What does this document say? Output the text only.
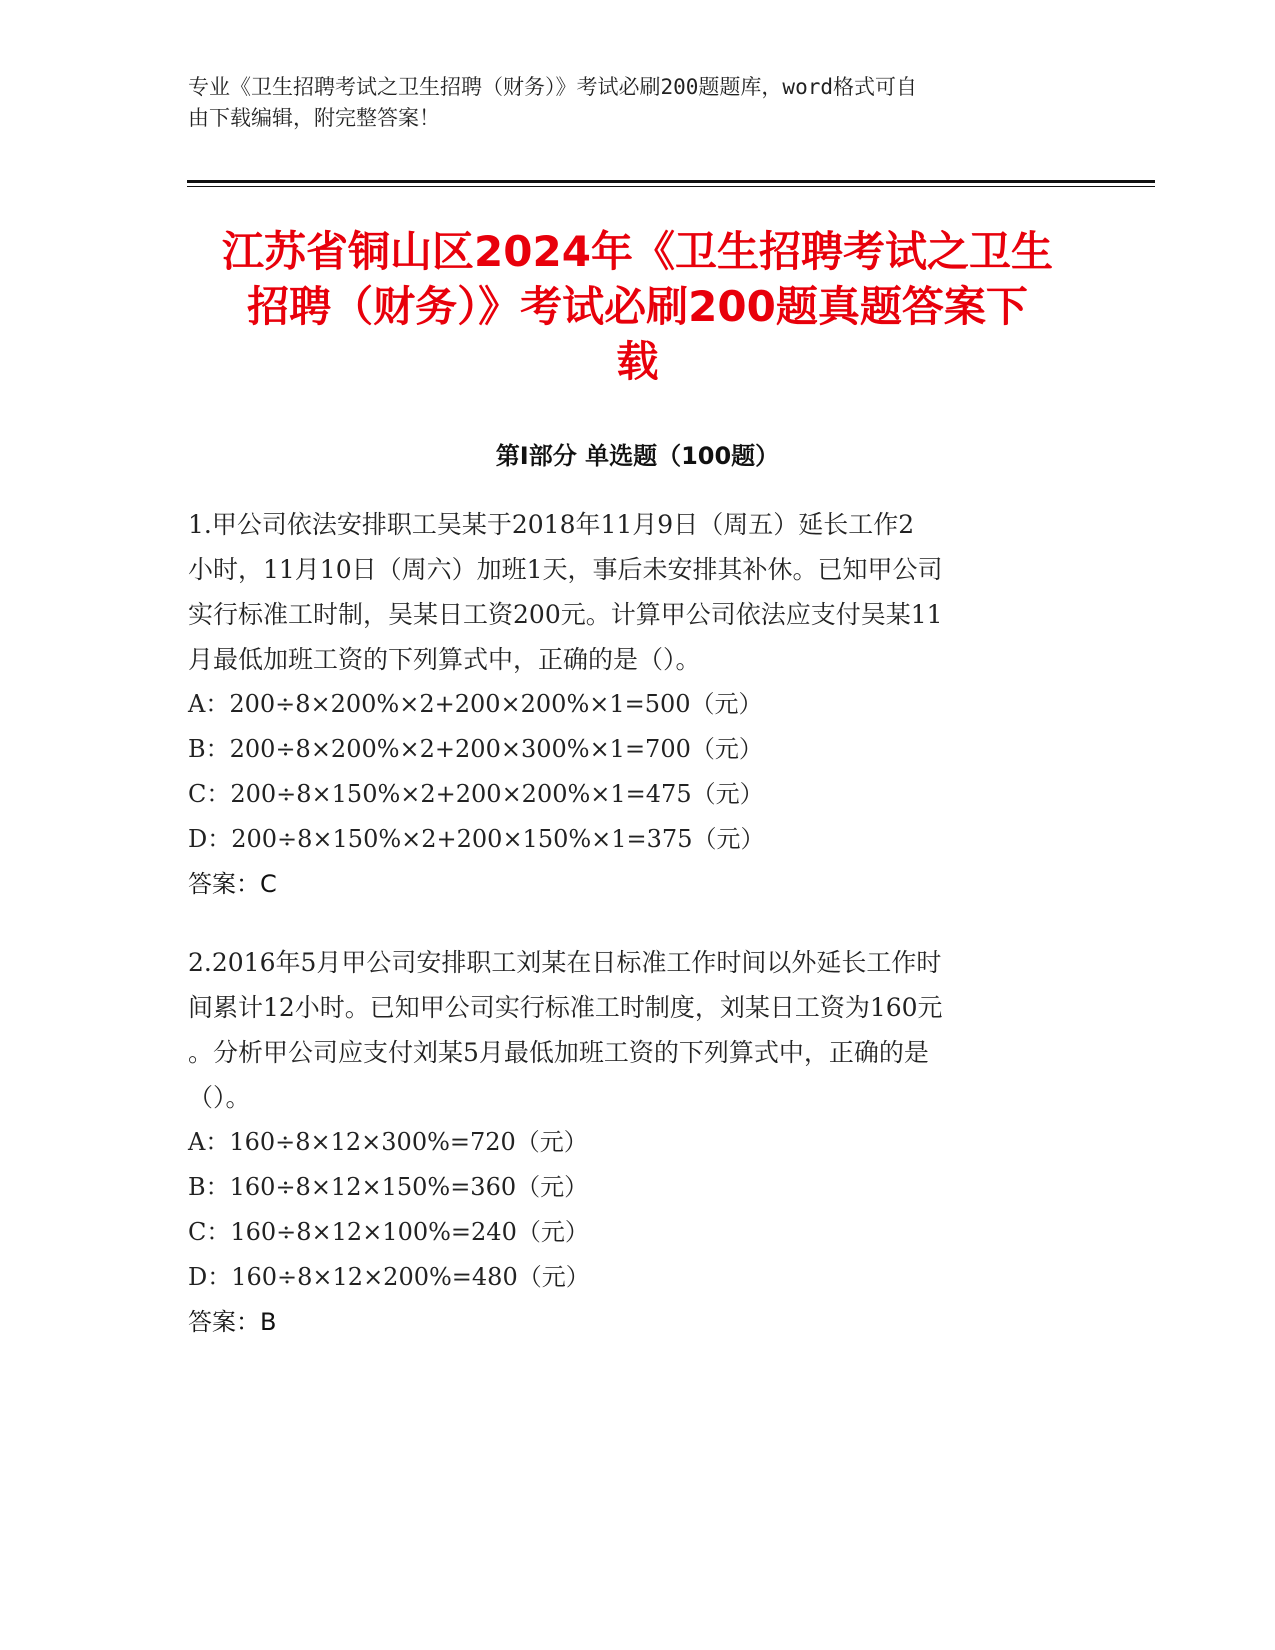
专业《卫生招聘考试之卫生招聘（财务）》考试必刷200题题库，word格式可自
由下载编辑，附完整答案！
江苏省铜山区2024年《卫生招聘考试之卫生
招聘（财务）》考试必刷200题真题答案下
载
第Ⅰ部分 单选题（100题）

1.甲公司依法安排职工吴某于2018年11月9日（周五）延长工作2

小时，11月10日（周六）加班1天，事后未安排其补休。已知甲公司

实行标准工时制，吴某日工资200元。计算甲公司依法应支付吴某11

月最低加班工资的下列算式中，正确的是（）。

A：200÷8×200%×2+200×200%×1=500（元）

B：200÷8×200%×2+200×300%×1=700（元）

C：200÷8×150%×2+200×200%×1=475（元）

D：200÷8×150%×2+200×150%×1=375（元）

答案：C

2.2016年5月甲公司安排职工刘某在日标准工作时间以外延长工作时

间累计12小时。已知甲公司实行标准工时制度，刘某日工资为160元

。分析甲公司应支付刘某5月最低加班工资的下列算式中，正确的是

（）。

A：160÷8×12×300%=720（元）

B：160÷8×12×150%=360（元）

C：160÷8×12×100%=240（元）

D：160÷8×12×200%=480（元）

答案：B
